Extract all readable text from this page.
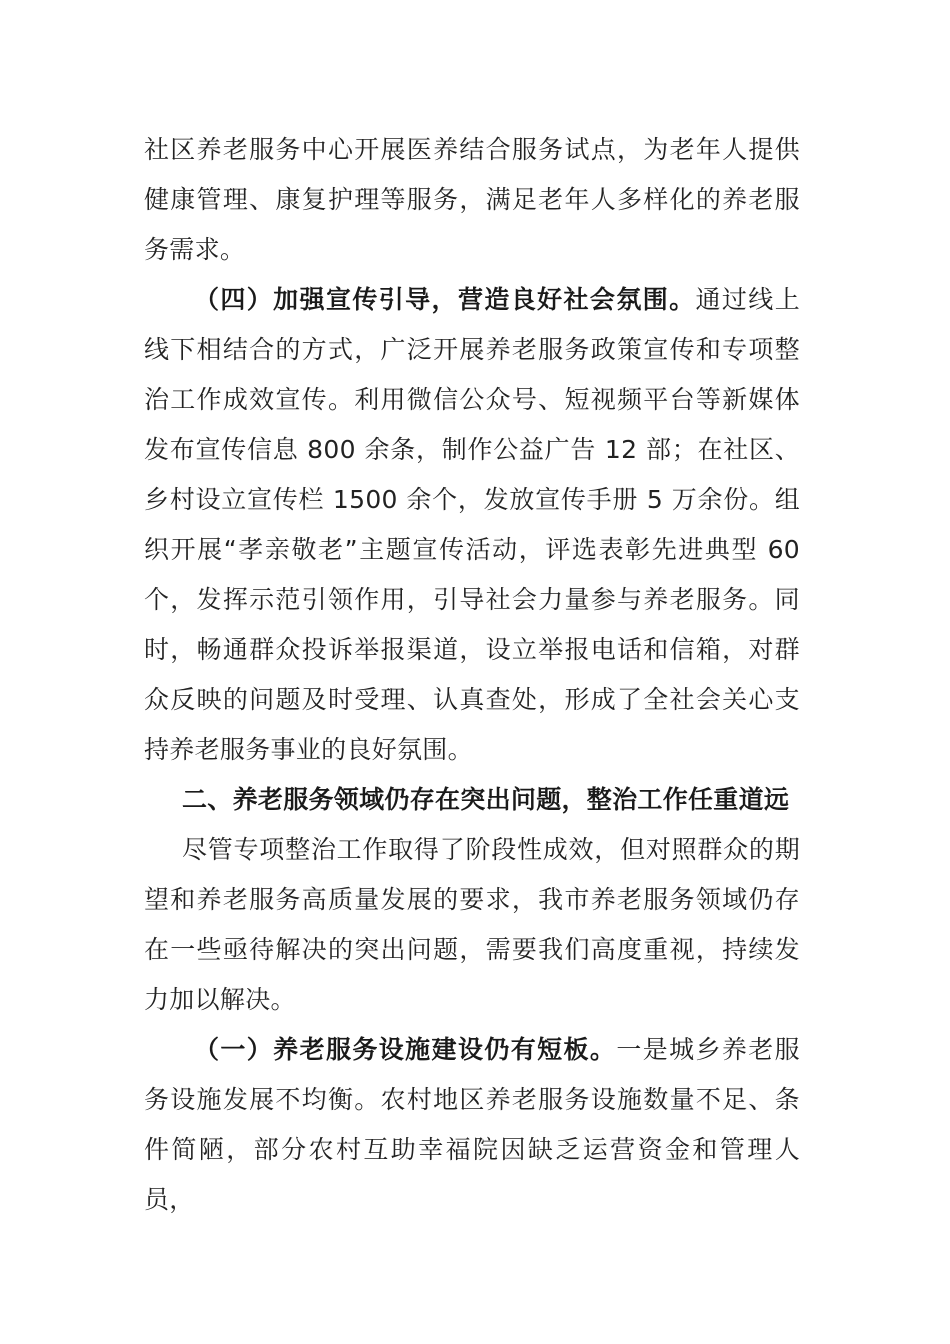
社区养老服务中心开展医养结合服务试点，为老年人提供健康管理、康复护理等服务，满足老年人多样化的养老服务需求。

（四）加强宣传引导，营造良好社会氛围。通过线上线下相结合的方式，广泛开展养老服务政策宣传和专项整治工作成效宣传。利用微信公众号、短视频平台等新媒体发布宣传信息 800 余条，制作公益广告 12 部；在社区、乡村设立宣传栏 1500 余个，发放宣传手册 5 万余份。组织开展“孝亲敬老”主题宣传活动，评选表彰先进典型 60 个，发挥示范引领作用，引导社会力量参与养老服务。同时，畅通群众投诉举报渠道，设立举报电话和信箱，对群众反映的问题及时受理、认真查处，形成了全社会关心支持养老服务事业的良好氛围。

二、养老服务领域仍存在突出问题，整治工作任重道远

尽管专项整治工作取得了阶段性成效，但对照群众的期望和养老服务高质量发展的要求，我市养老服务领域仍存在一些亟待解决的突出问题，需要我们高度重视，持续发力加以解决。

（一）养老服务设施建设仍有短板。一是城乡养老服务设施发展不均衡。农村地区养老服务设施数量不足、条件简陋，部分农村互助幸福院因缺乏运营资金和管理人员，
